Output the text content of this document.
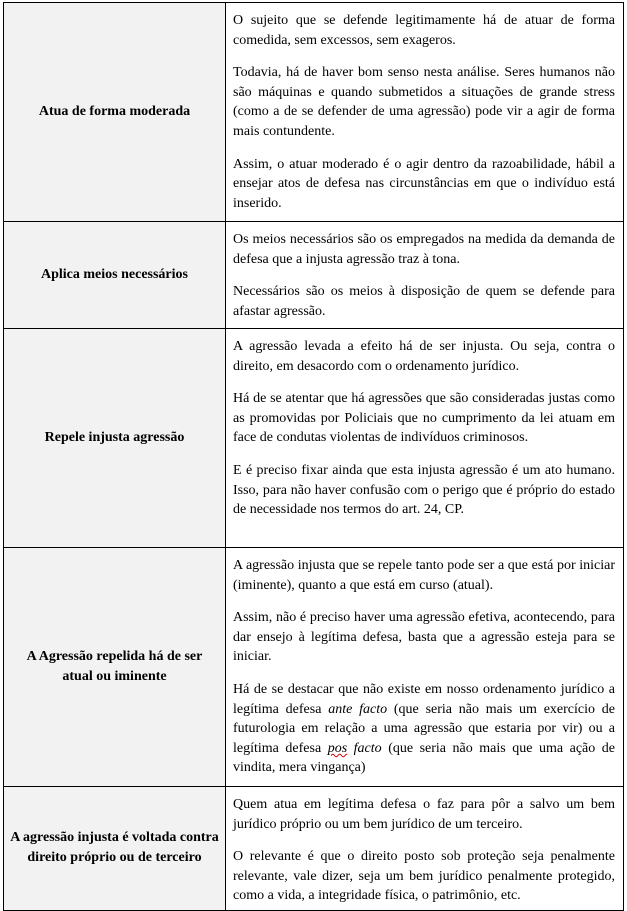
Atua de forma moderada	O sujeito que se defende legitimamente há de atuar de forma comedida, sem excessos, sem exageros.

Todavia, há de haver bom senso nesta análise. Seres humanos não são máquinas e quando submetidos a situações de grande stress (como a de se defender de uma agressão) pode vir a agir de forma mais contundente.

Assim, o atuar moderado é o agir dentro da razoabilidade, hábil a ensejar atos de defesa nas circunstâncias em que o indivíduo está inserido.

Aplica meios necessários	Os meios necessários são os empregados na medida da demanda de defesa que a injusta agressão traz à tona.

Necessários são os meios à disposição de quem se defende para afastar agressão.

Repele injusta agressão	A agressão levada a efeito há de ser injusta. Ou seja, contra o direito, em desacordo com o ordenamento jurídico.

Há de se atentar que há agressões que são consideradas justas como as promovidas por Policiais que no cumprimento da lei atuam em face de condutas violentas de indivíduos criminosos.

E é preciso fixar ainda que esta injusta agressão é um ato humano. Isso, para não haver confusão com o perigo que é próprio do estado de necessidade nos termos do art. 24, CP.

A Agressão repelida há de ser atual ou iminente	A agressão injusta que se repele tanto pode ser a que está por iniciar (iminente), quanto a que está em curso (atual).

Assim, não é preciso haver uma agressão efetiva, acontecendo, para dar ensejo à legítima defesa, basta que a agressão esteja para se iniciar.

Há de se destacar que não existe em nosso ordenamento jurídico a legítima defesa ante facto (que seria não mais um exercício de futurologia em relação a uma agressão que estaria por vir) ou a legítima defesa pos facto (que seria não mais que uma ação de vindita, mera vingança)

A agressão injusta é voltada contra direito próprio ou de terceiro	Quem atua em legítima defesa o faz para pôr a salvo um bem jurídico próprio ou um bem jurídico de um terceiro.

O relevante é que o direito posto sob proteção seja penalmente relevante, vale dizer, seja um bem jurídico penalmente protegido, como a vida, a integridade física, o patrimônio, etc.
